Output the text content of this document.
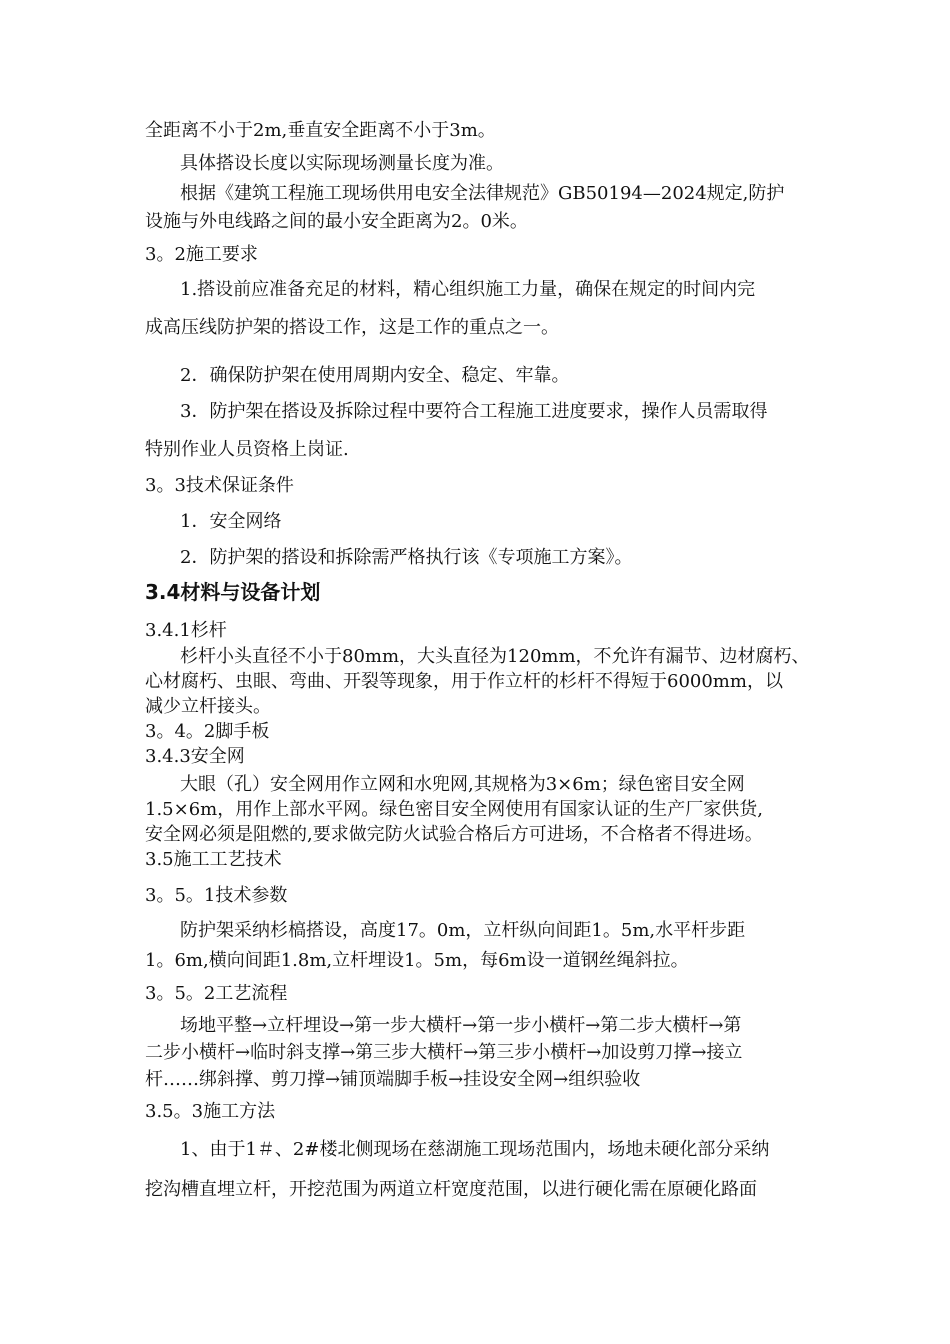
全距离不小于2m,垂直安全距离不小于3m。
具体搭设长度以实际现场测量长度为准。
根据《建筑工程施工现场供用电安全法律规范》GB50194—2024规定,防护
设施与外电线路之间的最小安全距离为2。0米。
3。2施工要求
1.搭设前应准备充足的材料，精心组织施工力量，确保在规定的时间内完
成高压线防护架的搭设工作，这是工作的重点之一。
2．确保防护架在使用周期内安全、稳定、牢靠。
3．防护架在搭设及拆除过程中要符合工程施工进度要求，操作人员需取得
特别作业人员资格上岗证.
3。3技术保证条件
1．安全网络
2．防护架的搭设和拆除需严格执行该《专项施工方案》。
3.4材料与设备计划
3.4.1杉杆
杉杆小头直径不小于80mm，大头直径为120mm，不允许有漏节、边材腐朽、
心材腐朽、虫眼、弯曲、开裂等现象，用于作立杆的杉杆不得短于6000mm，以
减少立杆接头。
3。4。2脚手板
3.4.3安全网
大眼（孔）安全网用作立网和水兜网,其规格为3×6m；绿色密目安全网
1.5×6m，用作上部水平网。绿色密目安全网使用有国家认证的生产厂家供货,
安全网必须是阻燃的,要求做完防火试验合格后方可进场，不合格者不得进场。
3.5施工工艺技术
3。5。1技术参数
防护架采纳杉槁搭设，高度17。0m，立杆纵向间距1。5m,水平杆步距
1。6m,横向间距1.8m,立杆埋设1。5m，每6m设一道钢丝绳斜拉。
3。5。2工艺流程
场地平整→立杆埋设→第一步大横杆→第一步小横杆→第二步大横杆→第
二步小横杆→临时斜支撑→第三步大横杆→第三步小横杆→加设剪刀撑→接立
杆……绑斜撑、剪刀撑→铺顶端脚手板→挂设安全网→组织验收
3.5。3施工方法
1、由于1＃、2#楼北侧现场在慈湖施工现场范围内，场地未硬化部分采纳
挖沟槽直埋立杆，开挖范围为两道立杆宽度范围，以进行硬化需在原硬化路面
